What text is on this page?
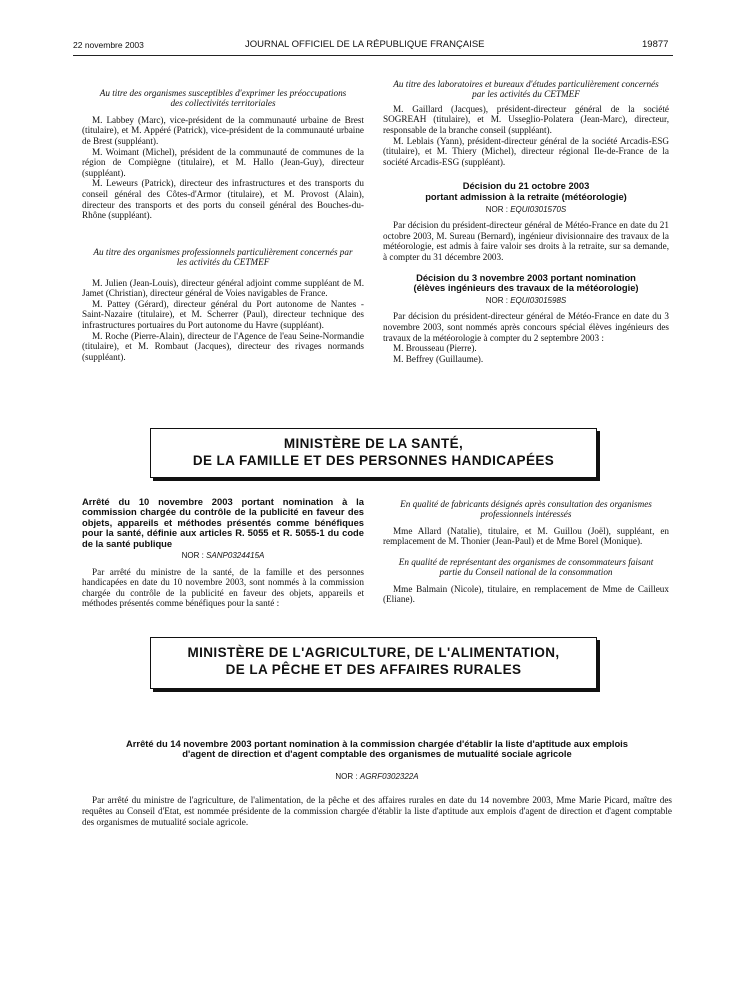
22 novembre 2003	JOURNAL OFFICIEL DE LA RÉPUBLIQUE FRANÇAISE	19877
Au titre des organismes susceptibles d'exprimer les préoccupations des collectivités territoriales

M. Labbey (Marc), vice-président de la communauté urbaine de Brest (titulaire), et M. Appéré (Patrick), vice-président de la communauté urbaine de Brest (suppléant).

M. Woimant (Michel), président de la communauté de communes de la région de Compiègne (titulaire), et M. Hallo (Jean-Guy), directeur (suppléant).

M. Leweurs (Patrick), directeur des infrastructures et des transports du conseil général des Côtes-d'Armor (titulaire), et M. Provost (Alain), directeur des transports et des ports du conseil général des Bouches-du-Rhône (suppléant).

Au titre des organismes professionnels particulièrement concernés par les activités du CETMEF

M. Julien (Jean-Louis), directeur général adjoint comme suppléant de M. Jamet (Christian), directeur général de Voies navigables de France.

M. Pattey (Gérard), directeur général du Port autonome de Nantes - Saint-Nazaire (titulaire), et M. Scherrer (Paul), directeur technique des infrastructures portuaires du Port autonome du Havre (suppléant).

M. Roche (Pierre-Alain), directeur de l'Agence de l'eau Seine-Normandie (titulaire), et M. Rombaut (Jacques), directeur des rivages normands (suppléant).

Au titre des laboratoires et bureaux d'études particulièrement concernés par les activités du CETMEF

M. Gaillard (Jacques), président-directeur général de la société SOGREAH (titulaire), et M. Usseglio-Polatera (Jean-Marc), directeur, responsable de la branche conseil (suppléant).

M. Leblais (Yann), président-directeur général de la société Arcadis-ESG (titulaire), et M. Thiery (Michel), directeur régional Ile-de-France de la société Arcadis-ESG (suppléant).

Décision du 21 octobre 2003
portant admission à la retraite (météorologie)
NOR : EQUI0301570S

Par décision du président-directeur général de Météo-France en date du 21 octobre 2003, M. Sureau (Bernard), ingénieur divisionnaire des travaux de la météorologie, est admis à faire valoir ses droits à la retraite, sur sa demande, à compter du 31 décembre 2003.

Décision du 3 novembre 2003 portant nomination
(élèves ingénieurs des travaux de la météorologie)
NOR : EQUI0301598S

Par décision du président-directeur général de Météo-France en date du 3 novembre 2003, sont nommés après concours spécial élèves ingénieurs des travaux de la météorologie à compter du 2 septembre 2003 :

M. Brousseau (Pierre).

M. Beffrey (Guillaume).

MINISTÈRE DE LA SANTÉ,
DE LA FAMILLE ET DES PERSONNES HANDICAPÉES
Arrêté du 10 novembre 2003 portant nomination à la commission chargée du contrôle de la publicité en faveur des objets, appareils et méthodes présentés comme bénéfiques pour la santé, définie aux articles R. 5055 et R. 5055-1 du code de la santé publique
NOR : SANP0324415A

Par arrêté du ministre de la santé, de la famille et des personnes handicapées en date du 10 novembre 2003, sont nommés à la commission chargée du contrôle de la publicité en faveur des objets, appareils et méthodes présentés comme bénéfiques pour la santé :

En qualité de fabricants désignés après consultation des organismes professionnels intéressés

Mme Allard (Natalie), titulaire, et M. Guillou (Joël), suppléant, en remplacement de M. Thonier (Jean-Paul) et de Mme Borel (Monique).

En qualité de représentant des organismes de consommateurs faisant partie du Conseil national de la consommation

Mme Balmain (Nicole), titulaire, en remplacement de Mme de Cailleux (Eliane).

MINISTÈRE DE L'AGRICULTURE, DE L'ALIMENTATION,
DE LA PÊCHE ET DES AFFAIRES RURALES
Arrêté du 14 novembre 2003 portant nomination à la commission chargée d'établir la liste d'aptitude aux emplois
d'agent de direction et d'agent comptable des organismes de mutualité sociale agricole
NOR : AGRF0302322A

Par arrêté du ministre de l'agriculture, de l'alimentation, de la pêche et des affaires rurales en date du 14 novembre 2003, Mme Marie Picard, maître des requêtes au Conseil d'Etat, est nommée présidente de la commission chargée d'établir la liste d'aptitude aux emplois d'agent de direction et d'agent comptable des organismes de mutualité sociale agricole.
